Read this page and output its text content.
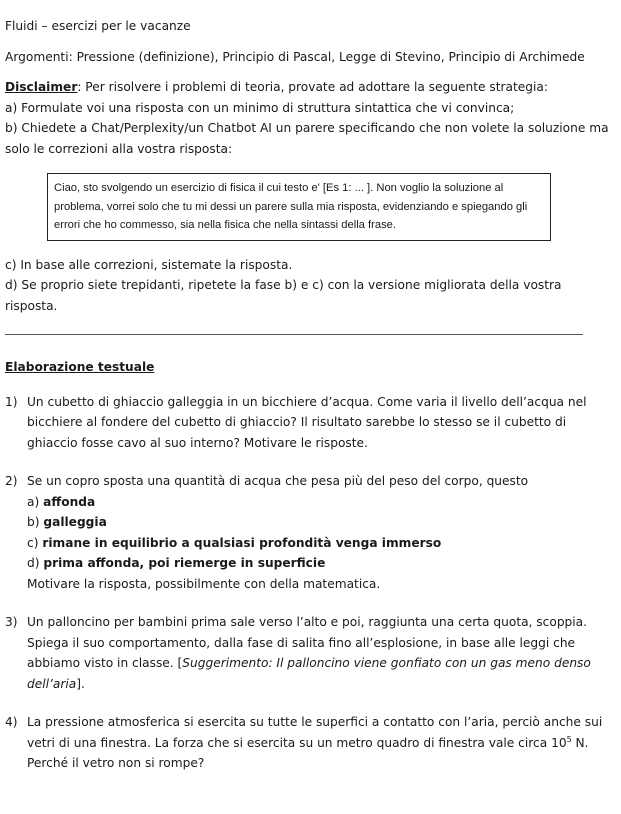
Fluidi – esercizi per le vacanze

Argomenti: Pressione (definizione), Principio di Pascal, Legge di Stevino, Principio di Archimede

Disclaimer: Per risolvere i problemi di teoria, provate ad adottare la seguente strategia:

a) Formulate voi una risposta con un minimo di struttura sintattica che vi convinca;

b) Chiedete a Chat/Perplexity/un Chatbot AI un parere specificando che non volete la soluzione ma solo le correzioni alla vostra risposta:

Ciao, sto svolgendo un esercizio di fisica il cui testo e' [Es 1: ... ]. Non voglio la soluzione al problema, vorrei solo che tu mi dessi un parere sulla mia risposta, evidenziando e spiegando gli errori che ho commesso, sia nella fisica che nella sintassi della frase.

c) In base alle correzioni, sistemate la risposta.

d) Se proprio siete trepidanti, ripetete la fase b) e c) con la versione migliorata della vostra risposta.

Elaborazione testuale

1) Un cubetto di ghiaccio galleggia in un bicchiere d’acqua. Come varia il livello dell’acqua nel bicchiere al fondere del cubetto di ghiaccio? Il risultato sarebbe lo stesso se il cubetto di ghiaccio fosse cavo al suo interno? Motivare le risposte.
2) Se un copro sposta una quantità di acqua che pesa più del peso del corpo, questo

a) affonda

b) galleggia

c) rimane in equilibrio a qualsiasi profondità venga immerso

d) prima affonda, poi riemerge in superficie

Motivare la risposta, possibilmente con della matematica.

3) Un palloncino per bambini prima sale verso l’alto e poi, raggiunta una certa quota, scoppia. Spiega il suo comportamento, dalla fase di salita fino all’esplosione, in base alle leggi che abbiamo visto in classe. [Suggerimento: Il palloncino viene gonfiato con un gas meno denso dell’aria].
4) La pressione atmosferica si esercita su tutte le superfici a contatto con l’aria, perciò anche sui vetri di una finestra. La forza che si esercita su un metro quadro di finestra vale circa $10^5$ N. Perché il vetro non si rompe?
